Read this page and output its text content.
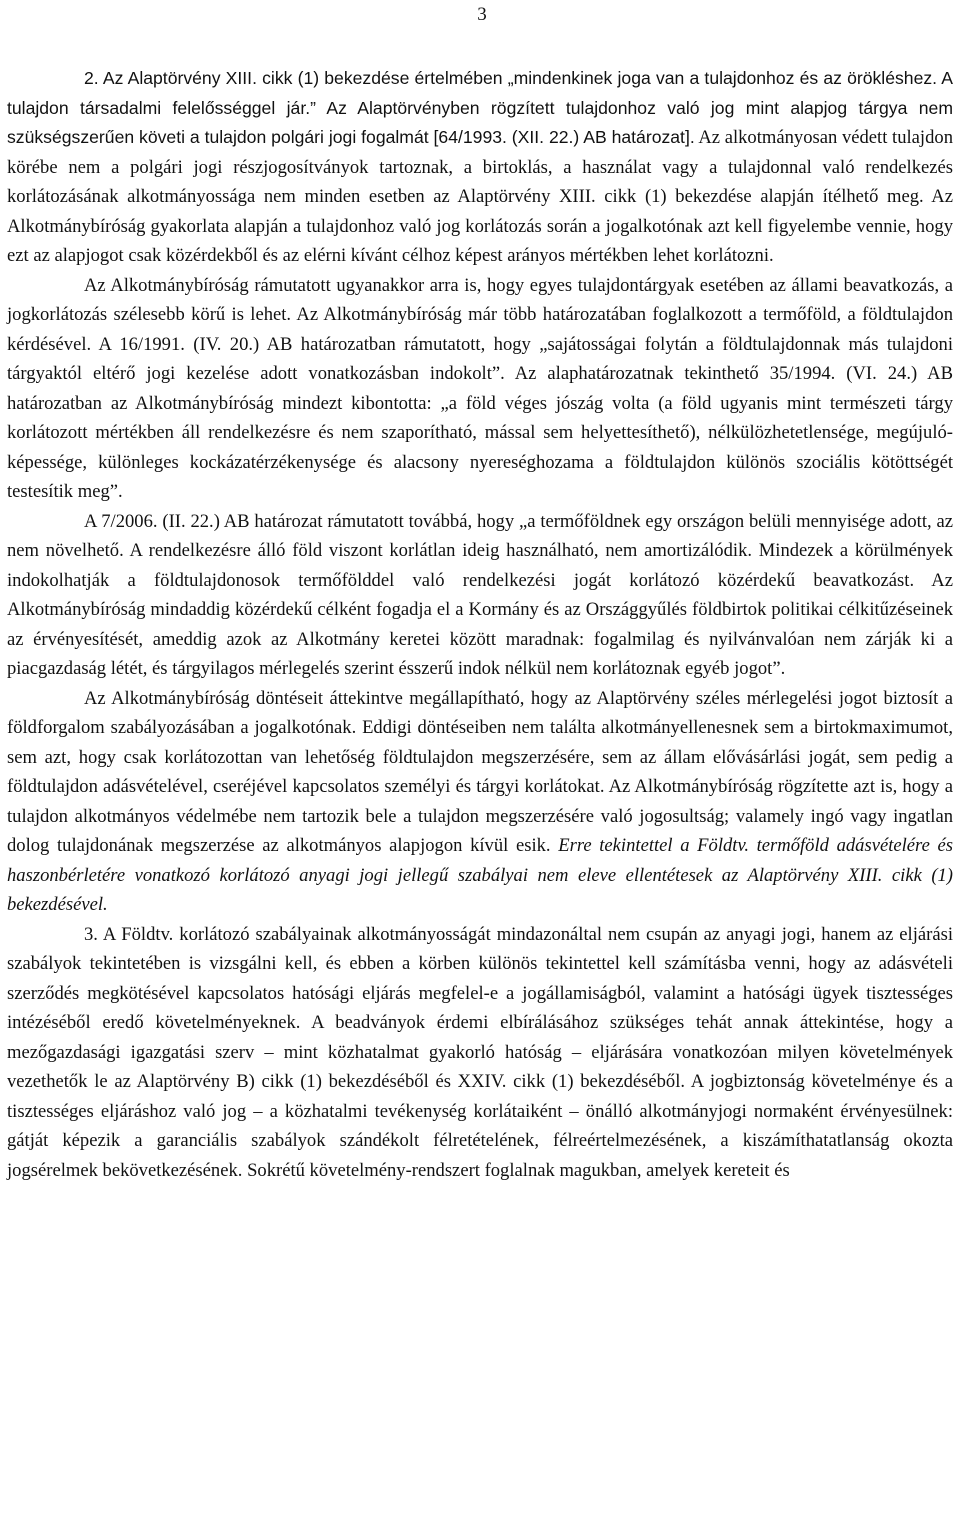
3

2. Az Alaptörvény XIII. cikk (1) bekezdése értelmében „mindenkinek joga van a tulajdonhoz és az örökléshez. A tulajdon társadalmi felelősséggel jár.” Az Alaptörvényben rögzített tulajdonhoz való jog mint alapjog tárgya nem szükségszerűen követi a tulajdon polgári jogi fogalmát [64/1993. (XII. 22.) AB határozat]. Az alkotmányosan védett tulajdon körébe nem a polgári jogi részjogosítványok tartoznak, a birtoklás, a használat vagy a tulajdonnal való rendelkezés korlátozásának alkotmányossága nem minden esetben az Alaptörvény XIII. cikk (1) bekezdése alapján ítélhető meg. Az Alkotmánybíróság gyakorlata alapján a tulajdonhoz való jog korlátozás során a jogalkotónak azt kell figyelembe vennie, hogy ezt az alapjogot csak közérdekből és az elérni kívánt célhoz képest arányos mértékben lehet korlátozni.

Az Alkotmánybíróság rámutatott ugyanakkor arra is, hogy egyes tulajdontárgyak esetében az állami beavatkozás, a jogkorlátozás szélesebb körű is lehet. Az Alkotmánybíróság már több határozatában foglalkozott a termőföld, a földtulajdon kérdésével. A 16/1991. (IV. 20.) AB határozatban rámutatott, hogy „sajátosságai folytán a földtulajdonnak más tulajdoni tárgyaktól eltérő jogi kezelése adott vonatkozásban indokolt”. Az alaphatározatnak tekinthető 35/1994. (VI. 24.) AB határozatban az Alkotmánybíróság mindezt kibontotta: „a föld véges jószág volta (a föld ugyanis mint természeti tárgy korlátozott mértékben áll rendelkezésre és nem szaporítható, mással sem helyettesíthető), nélkülözhetetlensége, megújuló-képessége, különleges kockázatérzékenysége és alacsony nyereséghozama a földtulajdon különös szociális kötöttségét testesítik meg”.

A 7/2006. (II. 22.) AB határozat rámutatott továbbá, hogy „a termőföldnek egy országon belüli mennyisége adott, az nem növelhető. A rendelkezésre álló föld viszont korlátlan ideig használható, nem amortizálódik. Mindezek a körülmények indokolhatják a földtulajdonosok termőfölddel való rendelkezési jogát korlátozó közérdekű beavatkozást. Az Alkotmánybíróság mindaddig közérdekű célként fogadja el a Kormány és az Országgyűlés földbirtok politikai célkitűzéseinek az érvényesítését, ameddig azok az Alkotmány keretei között maradnak: fogalmilag és nyilvánvalóan nem zárják ki a piacgazdaság létét, és tárgyilagos mérlegelés szerint ésszerű indok nélkül nem korlátoznak egyéb jogot”.

Az Alkotmánybíróság döntéseit áttekintve megállapítható, hogy az Alaptörvény széles mérlegelési jogot biztosít a földforgalom szabályozásában a jogalkotónak. Eddigi döntéseiben nem találta alkotmányellenesnek sem a birtokmaximumot, sem azt, hogy csak korlátozottan van lehetőség földtulajdon megszerzésére, sem az állam elővásárlási jogát, sem pedig a földtulajdon adásvételével, cseréjével kapcsolatos személyi és tárgyi korlátokat. Az Alkotmánybíróság rögzítette azt is, hogy a tulajdon alkotmányos védelmébe nem tartozik bele a tulajdon megszerzésére való jogosultság; valamely ingó vagy ingatlan dolog tulajdonának megszerzése az alkotmányos alapjogon kívül esik. Erre tekintettel a Földtv. termőföld adásvételére és haszonbérletére vonatkozó korlátozó anyagi jogi jellegű szabályai nem eleve ellentétesek az Alaptörvény XIII. cikk (1) bekezdésével.

3. A Földtv. korlátozó szabályainak alkotmányosságát mindazonáltal nem csupán az anyagi jogi, hanem az eljárási szabályok tekintetében is vizsgálni kell, és ebben a körben különös tekintettel kell számításba venni, hogy az adásvételi szerződés megkötésével kapcsolatos hatósági eljárás megfelel-e a jogállamiságból, valamint a hatósági ügyek tisztességes intézéséből eredő követelményeknek. A beadványok érdemi elbírálásához szükséges tehát annak áttekintése, hogy a mezőgazdasági igazgatási szerv – mint közhatalmat gyakorló hatóság – eljárására vonatkozóan milyen követelmények vezethetők le az Alaptörvény B) cikk (1) bekezdéséből és XXIV. cikk (1) bekezdéséből. A jogbiztonság követelménye és a tisztességes eljáráshoz való jog – a közhatalmi tevékenység korlátaiként – önálló alkotmányjogi normaként érvényesülnek: gátját képezik a garanciális szabályok szándékolt félretételének, félreértelmezésének, a kiszámíthatatlanság okozta jogsérelmek bekövetkezésének. Sokrétű követelmény-rendszert foglalnak magukban, amelyek kereteit és
